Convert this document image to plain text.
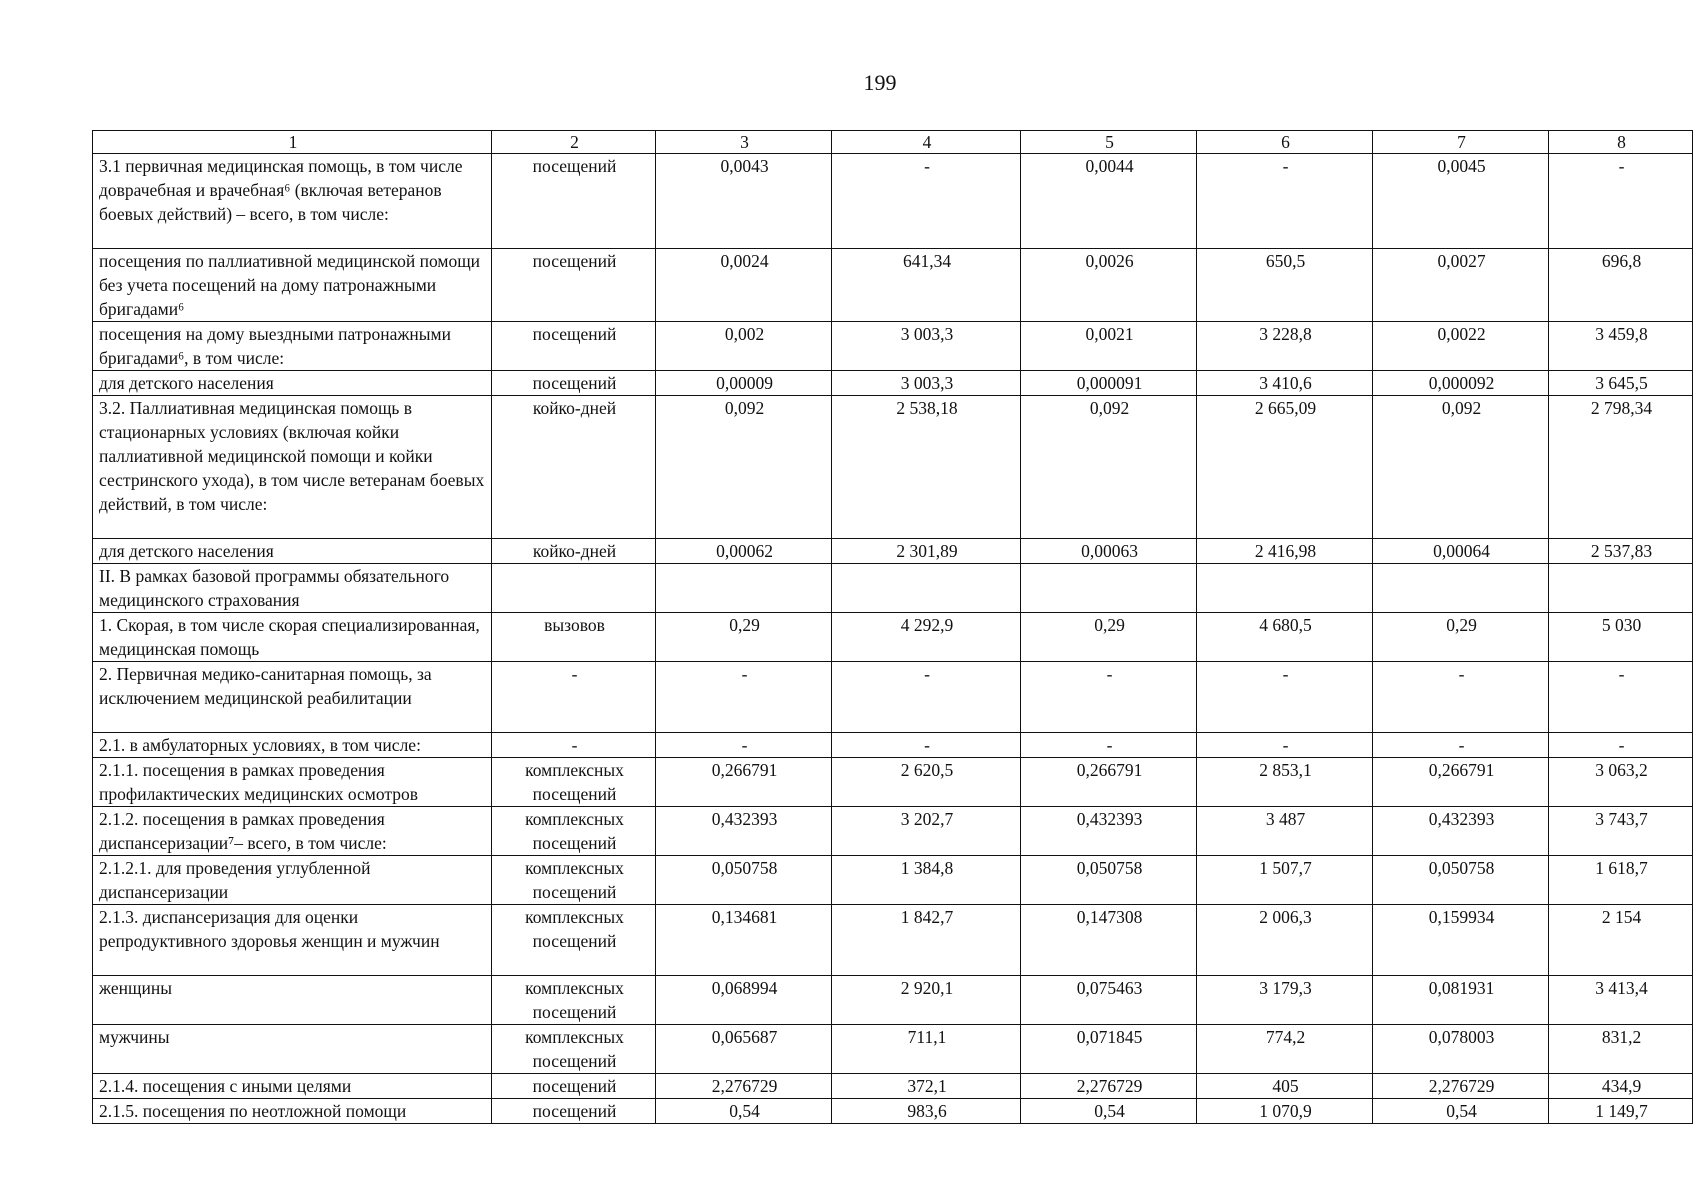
199
1	2	3	4	5	6	7	8
3.1 первичная медицинская помощь, в том числе доврачебная и врачебная⁶ (включая ветеранов боевых действий) – всего, в том числе:	посещений	0,0043	-	0,0044	-	0,0045	-
посещения по паллиативной медицинской помощи без учета посещений на дому патронажными бригадами⁶	посещений	0,0024	641,34	0,0026	650,5	0,0027	696,8
посещения на дому выездными патронажными бригадами⁶, в том числе:	посещений	0,002	3 003,3	0,0021	3 228,8	0,0022	3 459,8
для детского населения	посещений	0,00009	3 003,3	0,000091	3 410,6	0,000092	3 645,5
3.2. Паллиативная медицинская помощь в стационарных условиях (включая койки паллиативной медицинской помощи и койки сестринского ухода), в том числе ветеранам боевых действий, в том числе:	койко-дней	0,092	2 538,18	0,092	2 665,09	0,092	2 798,34
для детского населения	койко-дней	0,00062	2 301,89	0,00063	2 416,98	0,00064	2 537,83
II. В рамках базовой программы обязательного медицинского страхования							
1. Скорая, в том числе скорая специализированная, медицинская помощь	вызовов	0,29	4 292,9	0,29	4 680,5	0,29	5 030
2. Первичная медико-санитарная помощь, за исключением медицинской реабилитации	-	-	-	-	-	-	-
2.1. в амбулаторных условиях, в том числе:	-	-	-	-	-	-	-
2.1.1. посещения в рамках проведения профилактических медицинских осмотров	комплексных посещений	0,266791	2 620,5	0,266791	2 853,1	0,266791	3 063,2
2.1.2. посещения в рамках проведения диспансеризации⁷– всего, в том числе:	комплексных посещений	0,432393	3 202,7	0,432393	3 487	0,432393	3 743,7
2.1.2.1. для проведения углубленной диспансеризации	комплексных посещений	0,050758	1 384,8	0,050758	1 507,7	0,050758	1 618,7
2.1.3. диспансеризация для оценки репродуктивного здоровья женщин и мужчин	комплексных посещений	0,134681	1 842,7	0,147308	2 006,3	0,159934	2 154
женщины	комплексных посещений	0,068994	2 920,1	0,075463	3 179,3	0,081931	3 413,4
мужчины	комплексных посещений	0,065687	711,1	0,071845	774,2	0,078003	831,2
2.1.4. посещения с иными целями	посещений	2,276729	372,1	2,276729	405	2,276729	434,9
2.1.5. посещения по неотложной помощи	посещений	0,54	983,6	0,54	1 070,9	0,54	1 149,7
